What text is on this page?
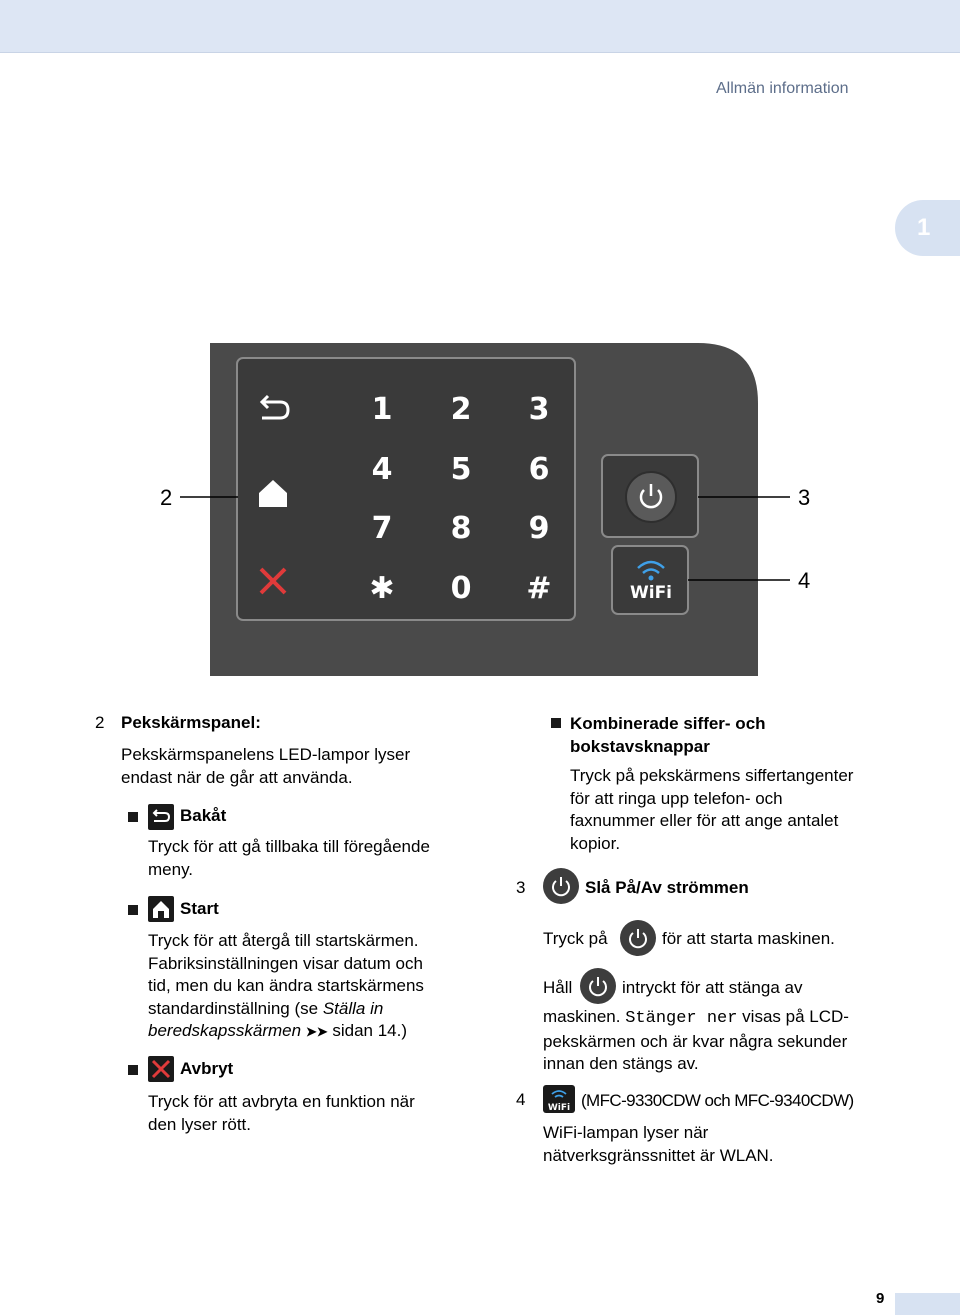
Allmän information
1
1 2 3
4 5 6
7 8 9
✱ 0 #	WiFi
2	3
4
2 Pekskärmspanel:
Pekskärmspanelens LED-lampor lyser
endast när de går att använda.
Bakåt
Tryck för att gå tillbaka till föregående
meny.
Start
Tryck för att återgå till startskärmen.
Fabriksinställningen visar datum och
tid, men du kan ändra startskärmens
standardinställning (se Ställa in
beredskapsskärmen ➤➤ sidan 14.)
Avbryt
Tryck för att avbryta en funktion när
den lyser rött.
Kombinerade siffer- och
bokstavsknappar
Tryck på pekskärmens siffertangenter
för att ringa upp telefon- och
faxnummer eller för att ange antalet
kopior.
3	Slå På/Av strömmen
Tryck på	för att starta maskinen.
Håll	intryckt för att stänga av
maskinen. Stänger ner visas på LCD-
pekskärmen och är kvar några sekunder
innan den stängs av.
4 WiFi (MFC-9330CDW och MFC-9340CDW)
WiFi-lampan lyser när
nätverksgränssnittet är WLAN.
9
